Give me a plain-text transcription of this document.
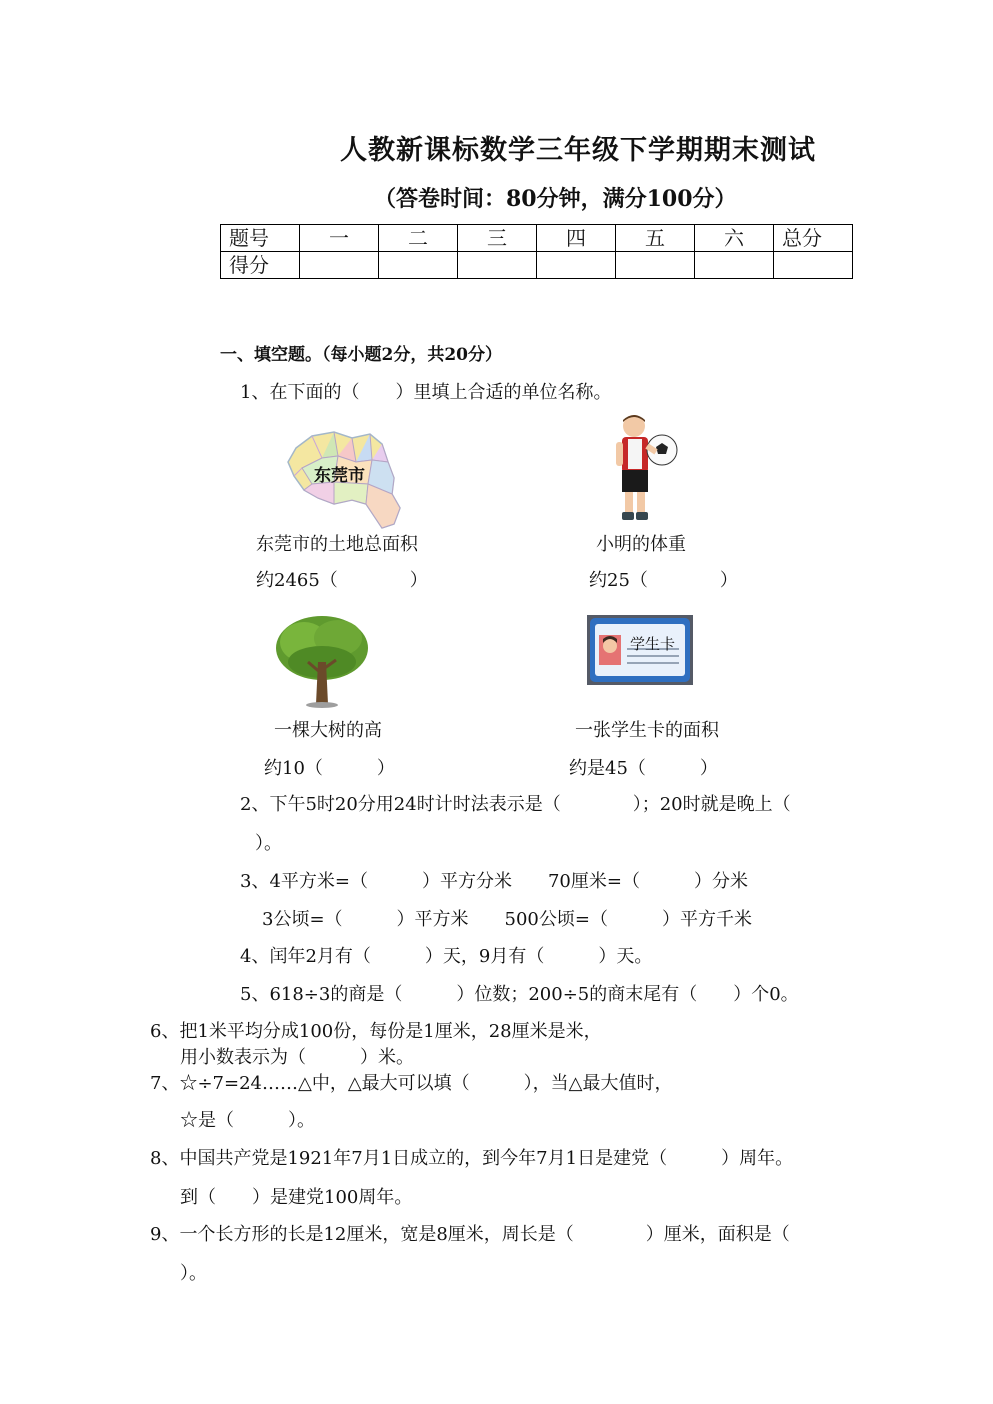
人教新课标数学三年级下学期期末测试
（答卷时间：80分钟，满分100分）
题号	一	二	三	四	五	六	总分
得分							
一、填空题。（每小题2分，共20分）
1、在下面的（　　）里填上合适的单位名称。
东莞市
东莞市的土地总面积	小明的体重
约2465（　　　　）	约25（　　　　）
学生卡
一棵大树的高	一张学生卡的面积
约10（　　　）	约是45（　　　）
2、下午5时20分用24时计时法表示是（　　　　）；20时就是晚上（
）。
3、4平方米=（　　　）平方分米　　70厘米=（　　　）分米
3公顷=（　　　）平方米　　500公顷=（　　　）平方千米
4、闰年2月有（　　　）天，9月有（　　　）天。
5、618÷3的商是（　　　）位数；200÷5的商末尾有（　　）个0。
6、把1米平均分成100份，每份是1厘米，28厘米是米，
用小数表示为（　　　）米。
7、☆÷7=24……△中，△最大可以填（　　　），当△最大值时，
☆是（　　　）。
8、中国共产党是1921年7月1日成立的，到今年7月1日是建党（　　　）周年。
到（　　）是建党100周年。
9、一个长方形的长是12厘米，宽是8厘米，周长是（　　　　）厘米，面积是（
）。
